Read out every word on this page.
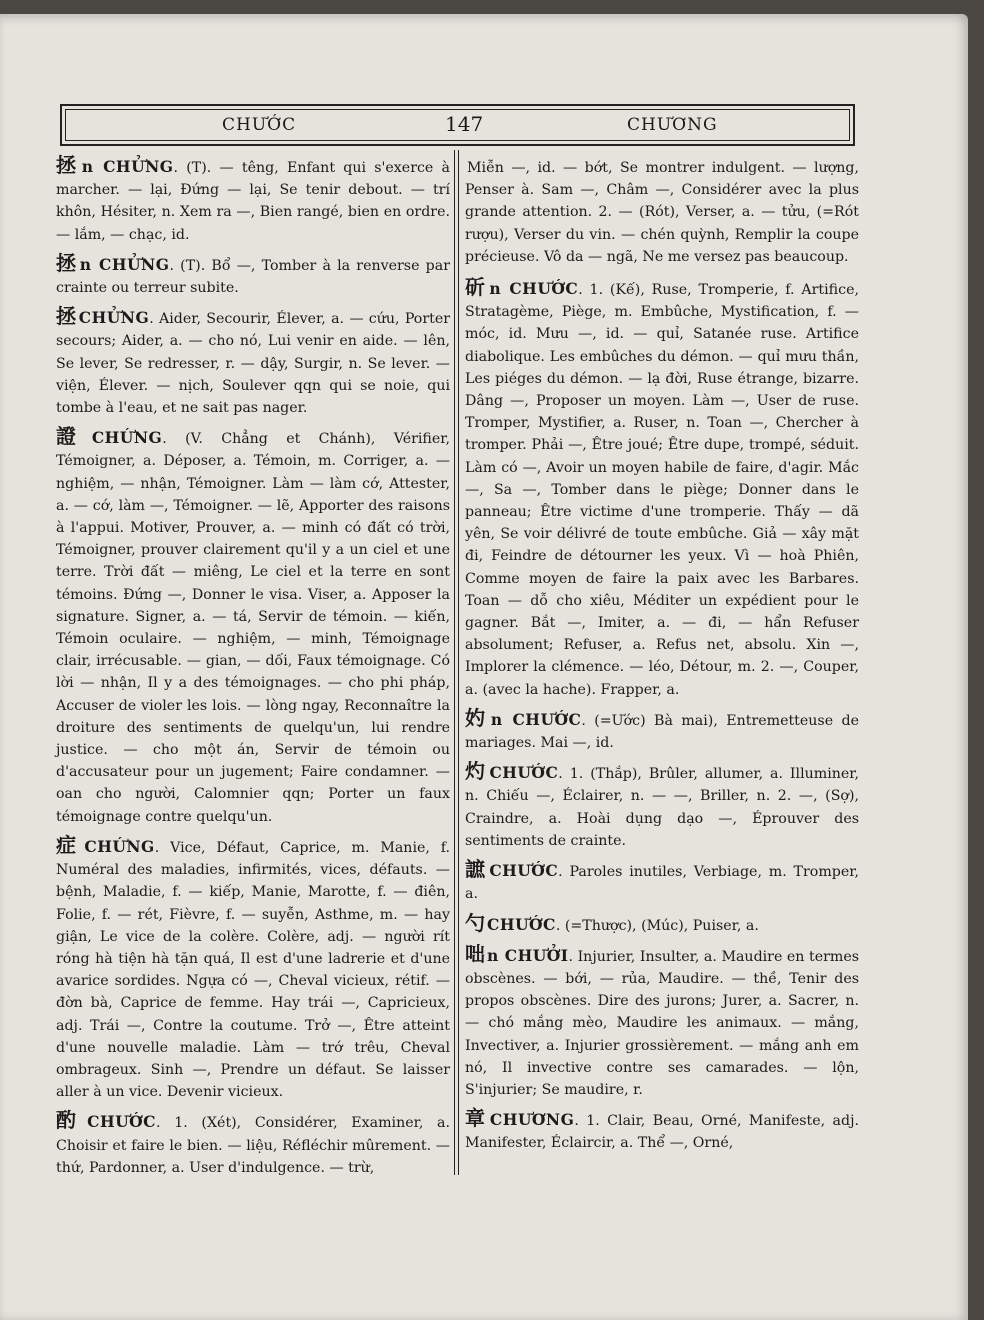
CHƯỚC	147	CHƯƠNG

拯 n CHỬNG. (T). — têng, Enfant qui s'exerce à marcher. — lại, Đứng — lại, Se tenir debout. — trí khôn, Hésiter, n. Xem ra —, Bien rangé, bien en ordre. — lắm, — chạc, id.

拯 n CHỬNG. (T). Bổ —, Tomber à la renverse par crainte ou terreur subite.

拯 CHỬNG. Aider, Secourir, Élever, a. — cứu, Porter secours; Aider, a. — cho nó, Lui venir en aide. — lên, Se lever, Se redresser, r. — dậy, Surgir, n. Se lever. — viện, Élever. — nịch, Soulever qqn qui se noie, qui tombe à l'eau, et ne sait pas nager.

證 CHỨNG. (V. Chẳng et Chánh), Vérifier, Témoigner, a. Déposer, a. Témoin, m. Corriger, a. — nghiệm, — nhận, Témoigner. Làm — làm cớ, Attester, a. — cớ, làm —, Témoigner. — lẽ, Apporter des raisons à l'appui. Motiver, Prouver, a. — minh có đất có trời, Témoigner, prouver clairement qu'il y a un ciel et une terre. Trời đất — miêng, Le ciel et la terre en sont témoins. Đứng —, Donner le visa. Viser, a. Apposer la signature. Signer, a. — tá, Servir de témoin. — kiến, Témoin oculaire. — nghiệm, — minh, Témoignage clair, irrécusable. — gian, — dối, Faux témoignage. Có lời — nhận, Il y a des témoignages. — cho phi pháp, Accuser de violer les lois. — lòng ngay, Reconnaître la droiture des sentiments de quelqu'un, lui rendre justice. — cho một án, Servir de témoin ou d'accusateur pour un jugement; Faire condamner. — oan cho người, Calomnier qqn; Porter un faux témoignage contre quelqu'un.

症 CHỨNG. Vice, Défaut, Caprice, m. Manie, f. Numéral des maladies, infirmités, vices, défauts. — bệnh, Maladie, f. — kiếp, Manie, Marotte, f. — điên, Folie, f. — rét, Fièvre, f. — suyễn, Asthme, m. — hay giận, Le vice de la colère. Colère, adj. — người rít róng hà tiện hà tặn quá, Il est d'une ladrerie et d'une avarice sordides. Ngựa có —, Cheval vicieux, rétif. — đờn bà, Caprice de femme. Hay trái —, Capricieux, adj. Trái —, Contre la coutume. Trở —, Être atteint d'une nouvelle maladie. Làm — trớ trêu, Cheval ombrageux. Sinh —, Prendre un défaut. Se laisser aller à un vice. Devenir vicieux.

酌 CHƯỚC. 1. (Xét), Considérer, Examiner, a. Choisir et faire le bien. — liệu, Réfléchir mûrement. — thứ, Pardonner, a. User d'indulgence. — trừ,

Miễn —, id. — bớt, Se montrer indulgent. — lượng, Penser à. Sam —, Châm —, Considérer avec la plus grande attention. 2. — (Rót), Verser, a. — tửu, (=Rót rượu), Verser du vin. — chén quỳnh, Remplir la coupe précieuse. Vô da — ngã, Ne me versez pas beaucoup.

斫 n CHƯỚC. 1. (Kế), Ruse, Tromperie, f. Artifice, Stratagème, Piège, m. Embûche, Mystification, f. — móc, id. Mưu —, id. — quỉ, Satanée ruse. Artifice diabolique. Les embûches du démon. — quỉ mưu thần, Les piéges du démon. — lạ đời, Ruse étrange, bizarre. Dâng —, Proposer un moyen. Làm —, User de ruse. Tromper, Mystifier, a. Ruser, n. Toan —, Chercher à tromper. Phải —, Être joué; Être dupe, trompé, séduit. Làm có —, Avoir un moyen habile de faire, d'agir. Mắc —, Sa —, Tomber dans le piège; Donner dans le panneau; Être victime d'une tromperie. Thấy — dã yên, Se voir délivré de toute embûche. Giả — xây mặt đi, Feindre de détourner les yeux. Vì — hoà Phiên, Comme moyen de faire la paix avec les Barbares. Toan — dỗ cho xiêu, Méditer un expédient pour le gagner. Bắt —, Imiter, a. — đi, — hẩn Refuser absolument; Refuser, a. Refus net, absolu. Xin —, Implorer la clémence. — léo, Détour, m. 2. —, Couper, a. (avec la hache). Frapper, a.

妁 n CHƯỚC. (=Ước) Bà mai), Entremetteuse de mariages. Mai —, id.

灼 CHƯỚC. 1. (Thắp), Brûler, allumer, a. Illuminer, n. Chiếu —, Éclairer, n. — —, Briller, n. 2. —, (Sợ), Craindre, a. Hoài dụng dạo —, Éprouver des sentiments de crainte.

謶 CHƯỚC. Paroles inutiles, Verbiage, m. Tromper, a.

勺 CHƯỚC. (=Thược), (Múc), Puiser, a.

咄 n CHƯỞI. Injurier, Insulter, a. Maudire en termes obscènes. — bới, — rủa, Maudire. — thề, Tenir des propos obscènes. Dire des jurons; Jurer, a. Sacrer, n. — chó mắng mèo, Maudire les animaux. — mắng, Invectiver, a. Injurier grossièrement. — mắng anh em nó, Il invective contre ses camarades. — lộn, S'injurier; Se maudire, r.

章 CHƯƠNG. 1. Clair, Beau, Orné, Manifeste, adj. Manifester, Éclaircir, a. Thể —, Orné,
